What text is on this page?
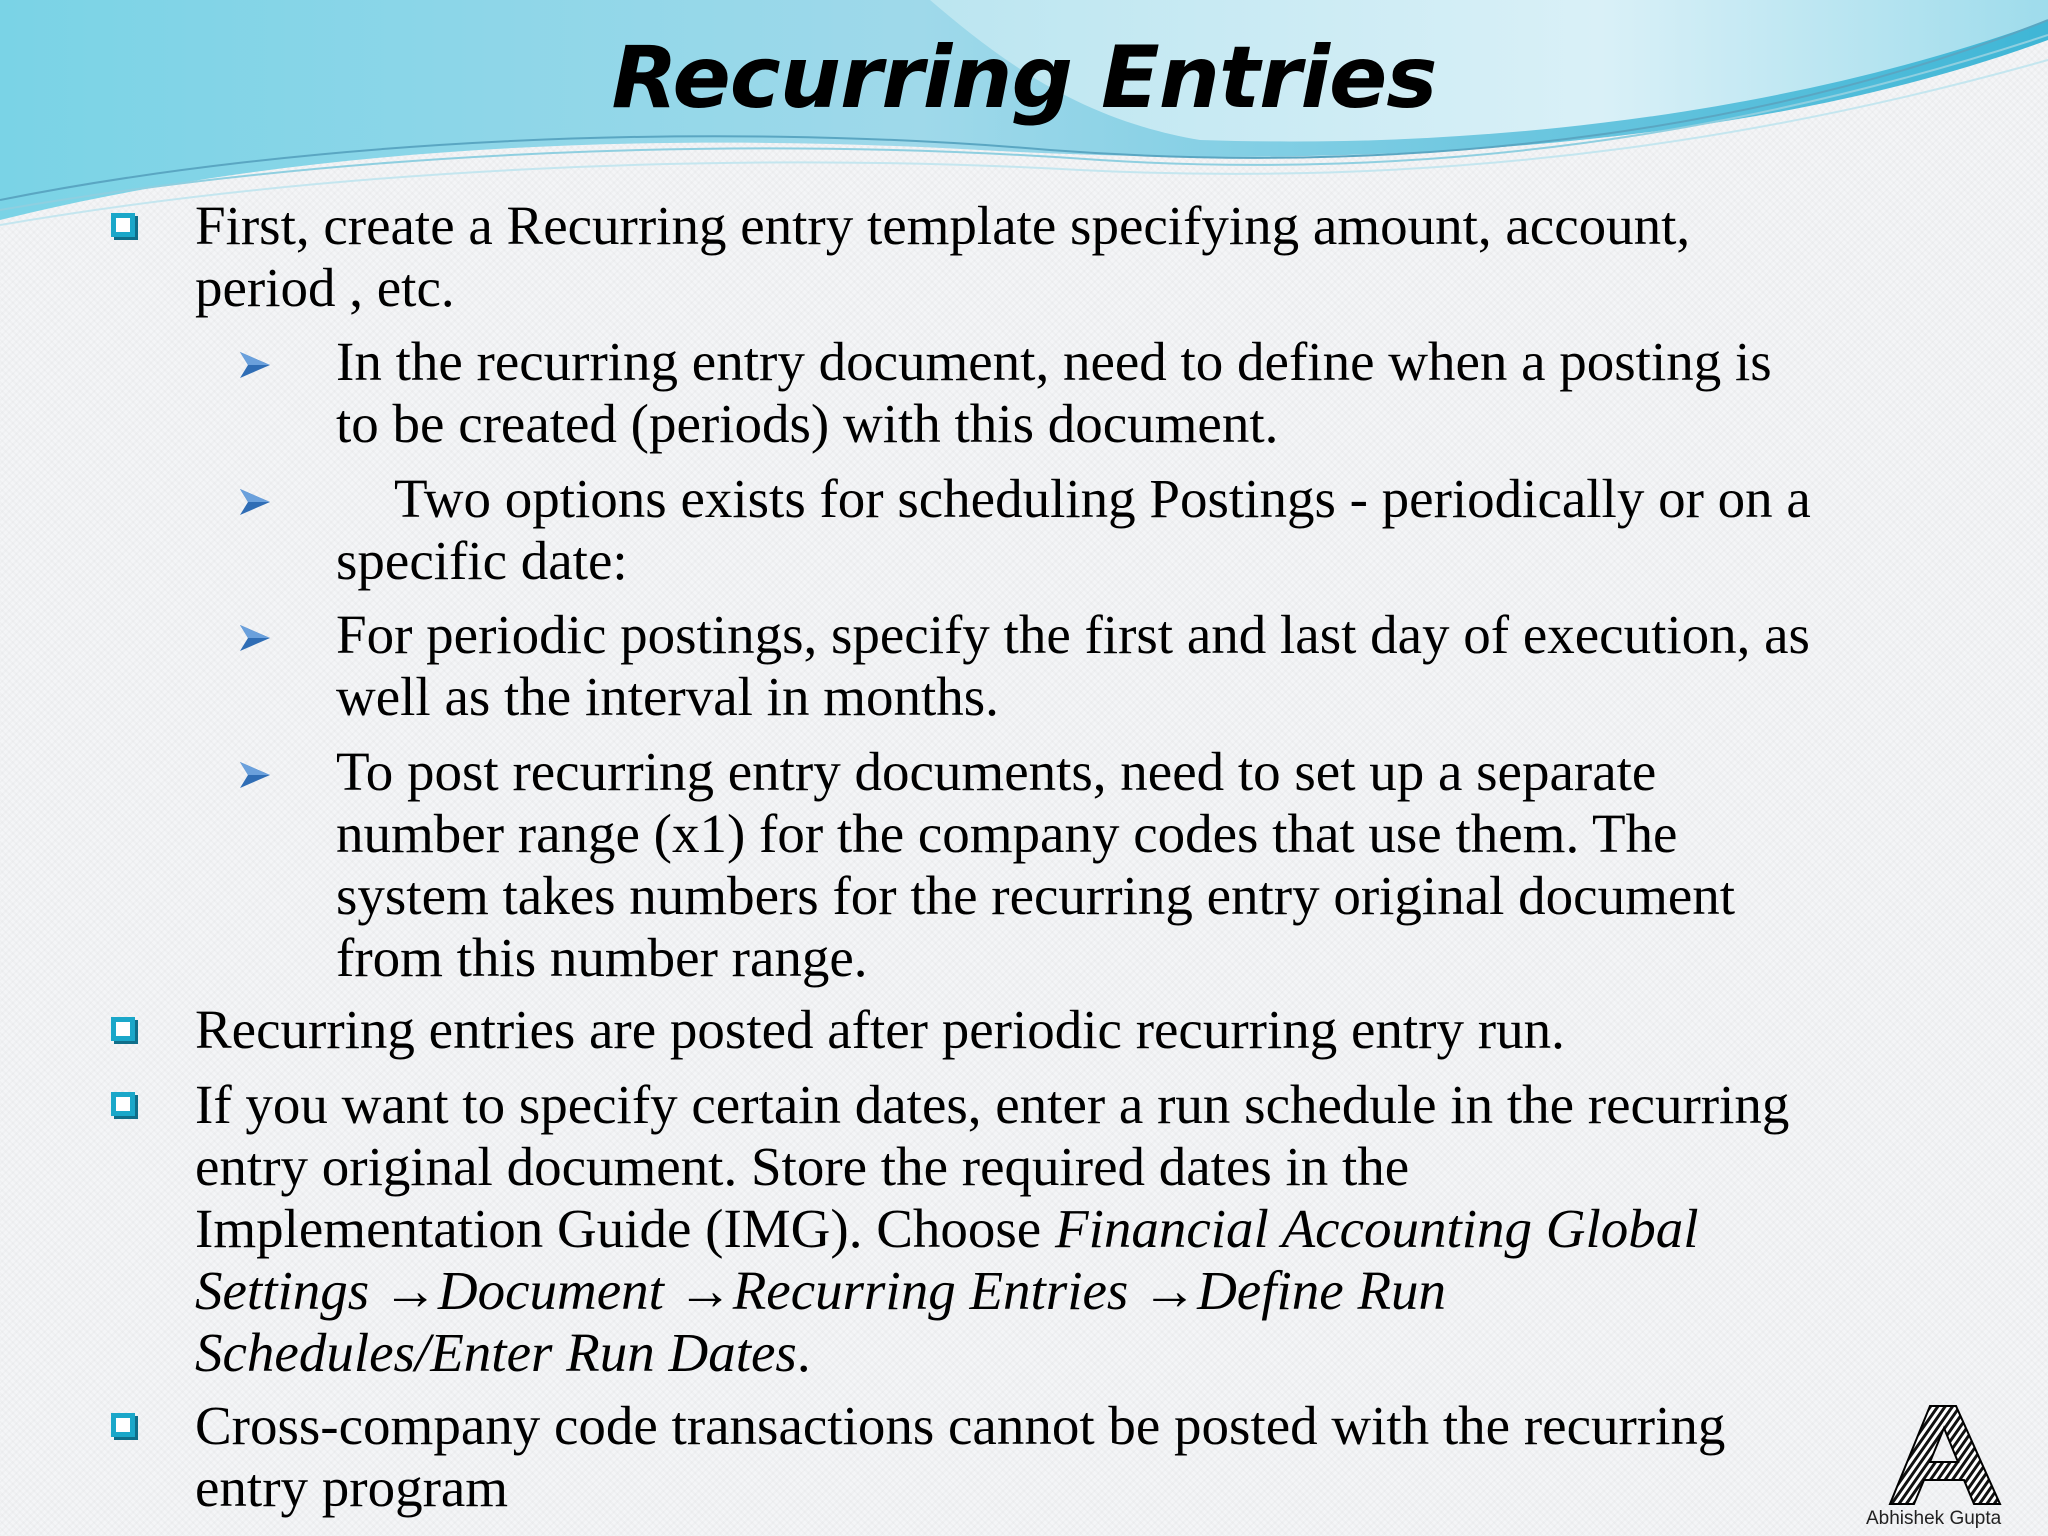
Recurring Entries
First, create a Recurring entry template specifying amount, account,
period , etc.
In the recurring entry document, need to define when a posting is
to be created (periods) with this document.
Two options exists for scheduling Postings - periodically or on a
specific date:
For periodic postings, specify the first and last day of execution, as
well as the interval in months.
To post recurring entry documents, need to set up a separate
number range (x1) for the company codes that use them. The
system takes numbers for the recurring entry original document
from this number range.
Recurring entries are posted after periodic recurring entry run.
If you want to specify certain dates, enter a run schedule in the recurring
entry original document. Store the required dates in the
Implementation Guide (IMG). Choose Financial Accounting Global
Settings →Document →Recurring Entries →Define Run
Schedules/Enter Run Dates.
Cross-company code transactions cannot be posted with the recurring
entry program	A
Abhishek Gupta
